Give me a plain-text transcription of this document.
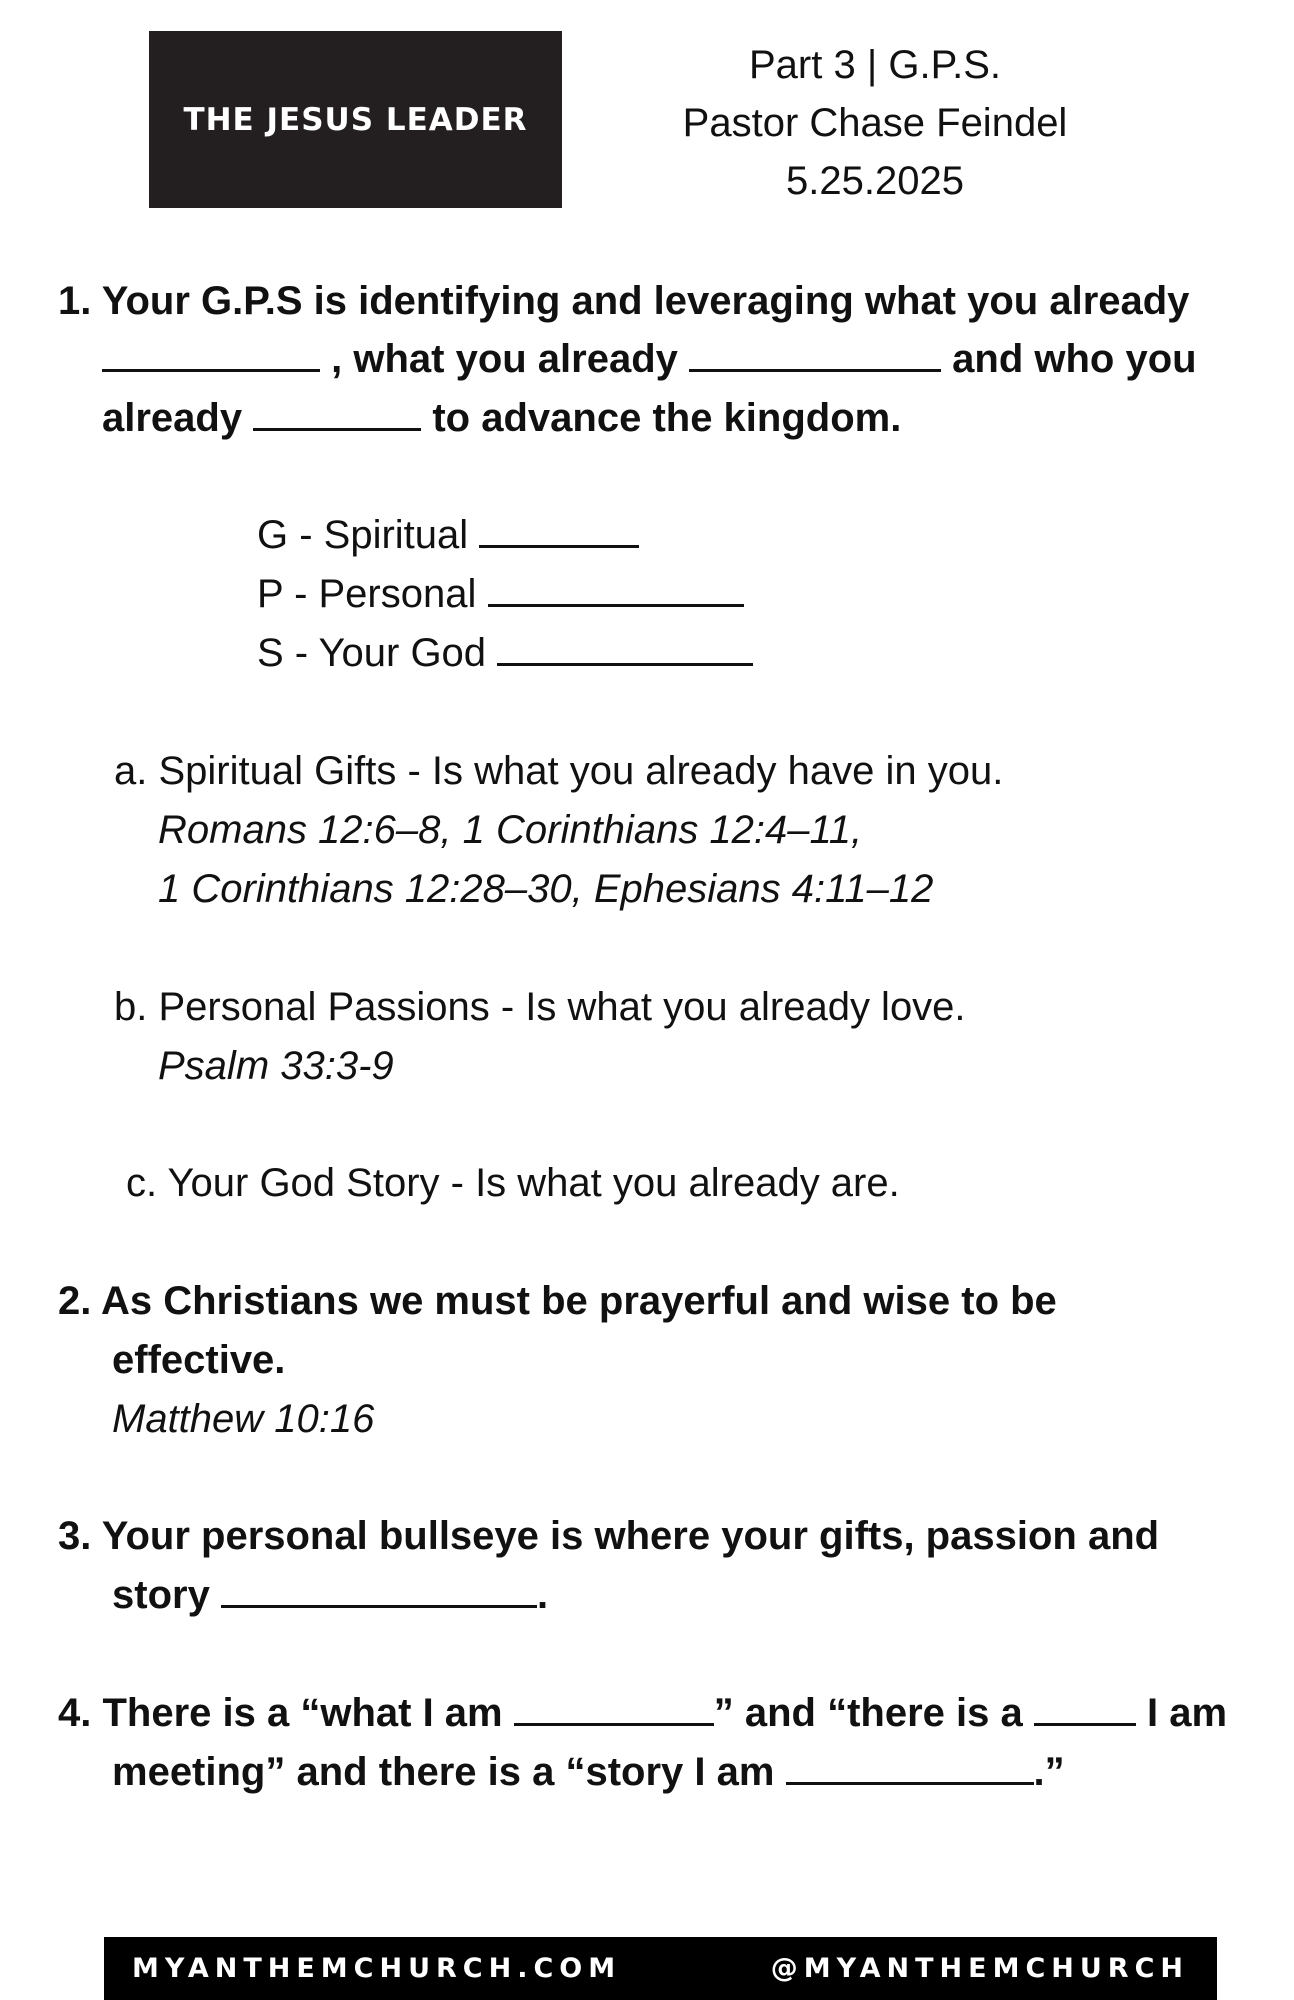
THE JESUS LEADER
Part 3 | G.P.S.
Pastor Chase Feindel
5.25.2025
1. Your G.P.S is identifying and leveraging what you already
, what you already	and who you
already	to advance the kingdom.
G - Spiritual
P - Personal
S - Your God
a. Spiritual Gifts - Is what you already have in you.
Romans 12:6–8, 1 Corinthians 12:4–11,
1 Corinthians 12:28–30, Ephesians 4:11–12
b. Personal Passions - Is what you already love.
Psalm 33:3-9
c. Your God Story - Is what you already are.
2. As Christians we must be prayerful and wise to be
effective.
Matthew 10:16
3. Your personal bullseye is where your gifts, passion and
story	.
4. There is a “what I am	” and “there is a	I am
meeting” and there is a “story I am	.”
MYANTHEMCHURCH.COM	@MYANTHEMCHURCH
